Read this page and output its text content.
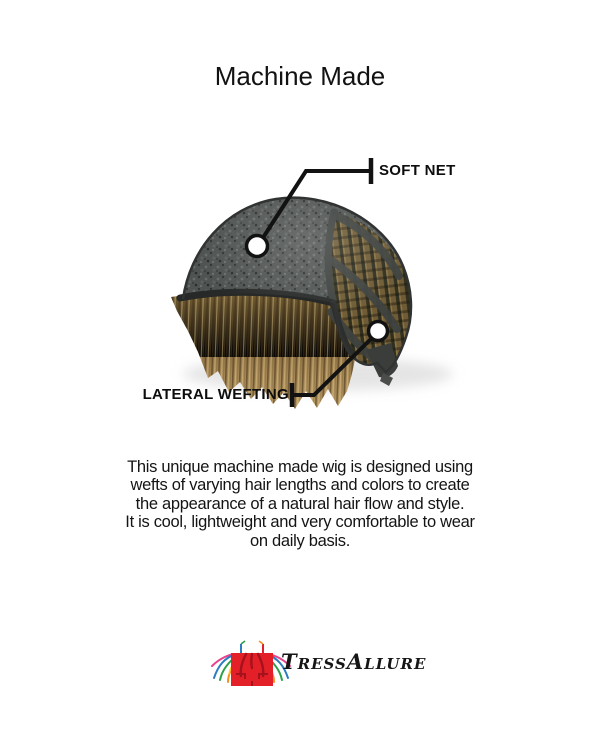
Machine Made
SOFT NET
LATERAL WEFTING
This unique machine made wig is designed using
wefts of varying hair lengths and colors to create
the appearance of a natural hair flow and style.
It is cool, lightweight and very comfortable to wear
on daily basis.
TressAllure
